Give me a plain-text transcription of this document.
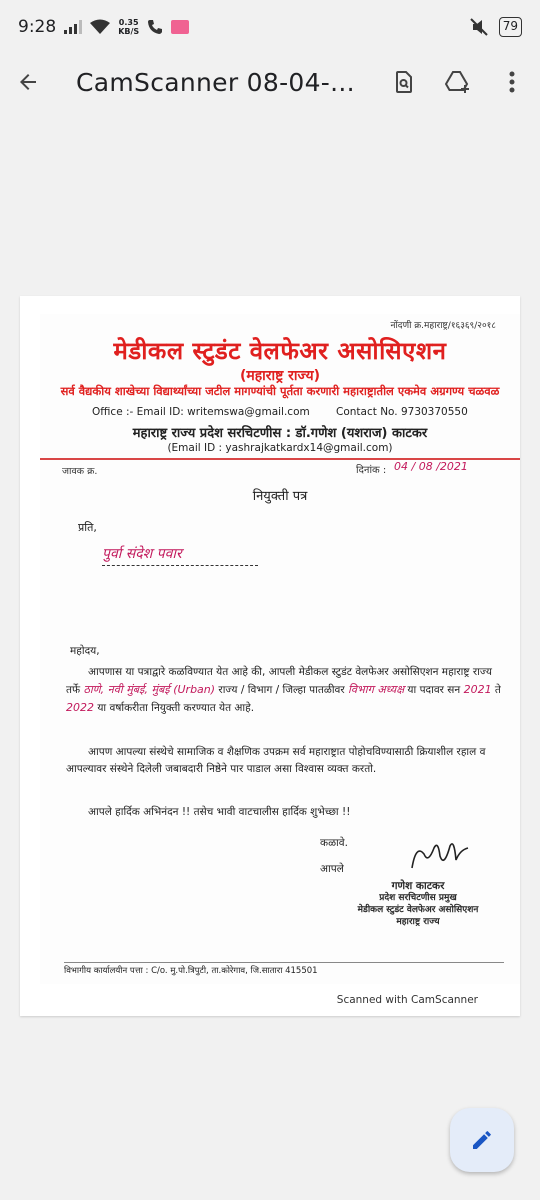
9:28	0.35
KB/S	79
CamScanner 08-04-...
नोंदणी क्र.महाराष्ट्र/१६३६९/२०१८
मेडीकल स्टुडंट वेलफेअर असोसिएशन
(महाराष्ट्र राज्य)
सर्व वैद्यकीय शाखेच्या विद्यार्थ्यांच्या जटील मागण्यांची पूर्तता करणारी महाराष्ट्रातील एकमेव अग्रगण्य चळवळ
Office :- Email ID: writemswa@gmail.com	Contact No. 9730370550
महाराष्ट्र राज्य प्रदेश सरचिटणीस : डॉ.गणेश (यशराज) काटकर
(Email ID : yashrajkatkardx14@gmail.com)
जावक क्र.	दिनांक : 04 / 08 /2021
नियुक्ती पत्र
प्रति,
पुर्वा संदेश पवार
महोदय,
आपणास या पत्राद्वारे कळविण्यात येत आहे की, आपली मेडीकल स्टुडंट वेलफेअर असोसिएशन महाराष्ट्र राज्य तर्फे ठाणे, नवी मुंबई, मुंबई (Urban) राज्य / विभाग / जिल्हा पातळीवर विभाग अध्यक्ष या पदावर सन 2021 ते 2022 या वर्षाकरीता नियुक्ती करण्यात येत आहे.
आपण आपल्या संस्थेचे सामाजिक व शैक्षणिक उपक्रम सर्व महाराष्ट्रात पोहोचविण्यासाठी क्रियाशील रहाल व आपल्यावर संस्थेने दिलेली जबाबदारी निष्ठेने पार पाडाल असा विश्वास व्यक्त करतो.
आपले हार्दिक अभिनंदन !! तसेच भावी वाटचालीस हार्दिक शुभेच्छा !!
कळावे.
आपले
गणेश काटकर
प्रदेश सरचिटणीस प्रमुख
मेडीकल स्टुडंट वेलफेअर असोसिएशन
महाराष्ट्र राज्य
विभागीय कार्यालयीन पत्ता : C/o. मु.पो.त्रिपुटी, ता.कोरेगाव, जि.सातारा 415501
Scanned with CamScanner
